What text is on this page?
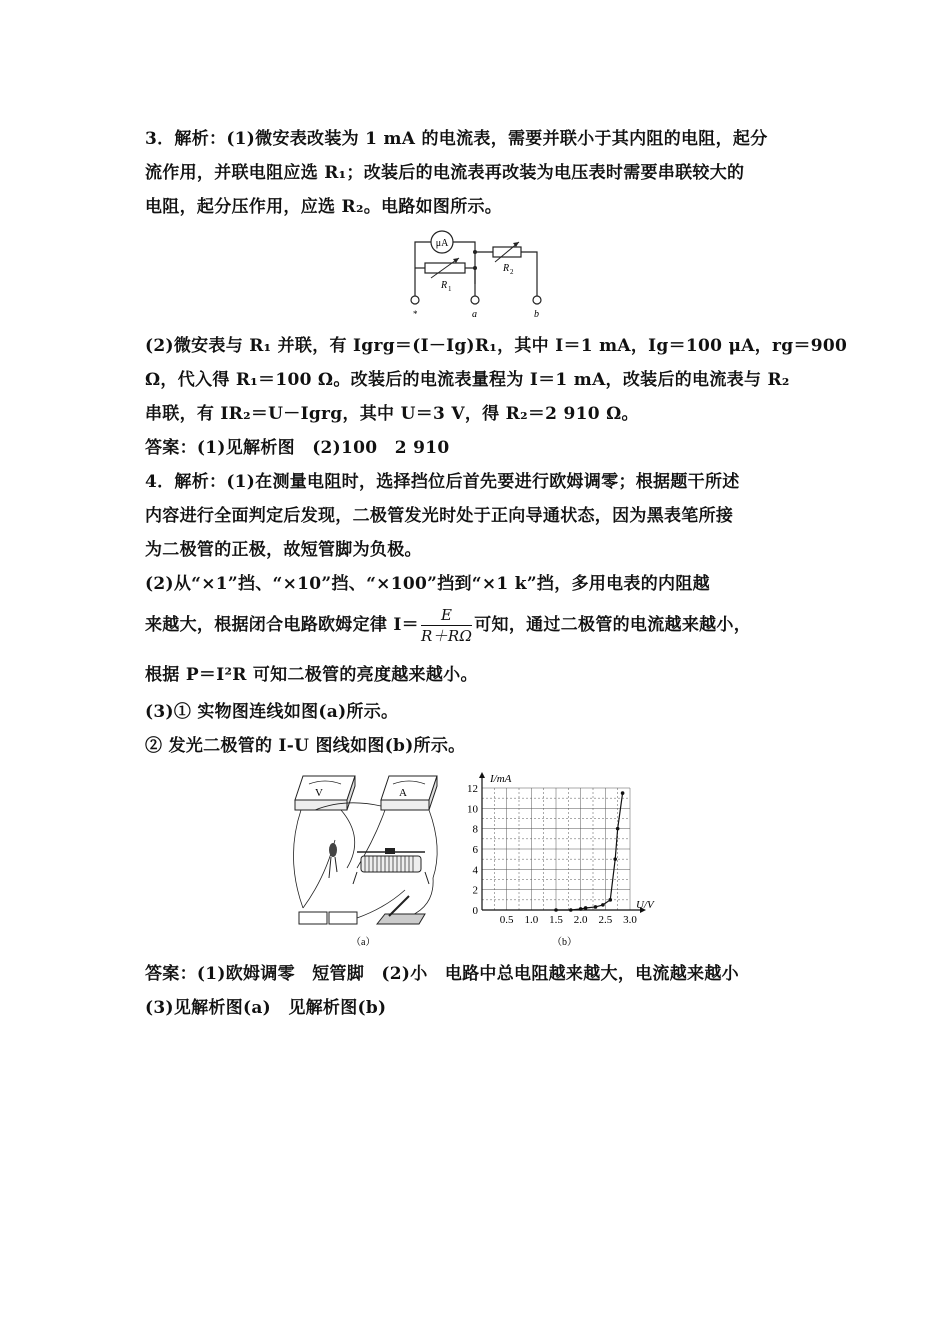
3．解析：(1)微安表改装为 1 mA 的电流表，需要并联小于其内阻的电阻，起分
流作用，并联电阻应选 R₁；改装后的电流表再改装为电压表时需要串联较大的
电阻，起分压作用，应选 R₂。电路如图所示。
μA
R 1
R 2
*	a	b
(2)微安表与 R₁ 并联，有 Igrg＝(I－Ig)R₁，其中 I＝1 mA，Ig＝100 μA，rg＝900
Ω，代入得 R₁＝100 Ω。改装后的电流表量程为 I＝1 mA，改装后的电流表与 R₂
串联，有 IR₂＝U－Igrg，其中 U＝3 V，得 R₂＝2 910 Ω。
答案：(1)见解析图　(2)100　2 910
4．解析：(1)在测量电阻时，选择挡位后首先要进行欧姆调零；根据题干所述
内容进行全面判定后发现，二极管发光时处于正向导通状态，因为黑表笔所接
为二极管的正极，故短管脚为负极。
(2)从“×1”挡、“×10”挡、“×100”挡到“×1 k”挡，多用电表的内阻越
来越大，根据闭合电路欧姆定律 $I= \frac{E}{R+R\Omega}$ 可知，通过二极管的电流越来越小，
根据 P＝I²R 可知二极管的亮度越来越小。
(3)① 实物图连线如图(a)所示。
② 发光二极管的 I-U 图线如图(b)所示。
V	A
（a）
0.5 1.0 1.5 2.0 2.5 3.0
0
2
4
6
8
10
12
I/mA
U/V
（b）
答案：(1)欧姆调零　短管脚　(2)小　电路中总电阻越来越大，电流越来越小
(3)见解析图(a)　见解析图(b)
